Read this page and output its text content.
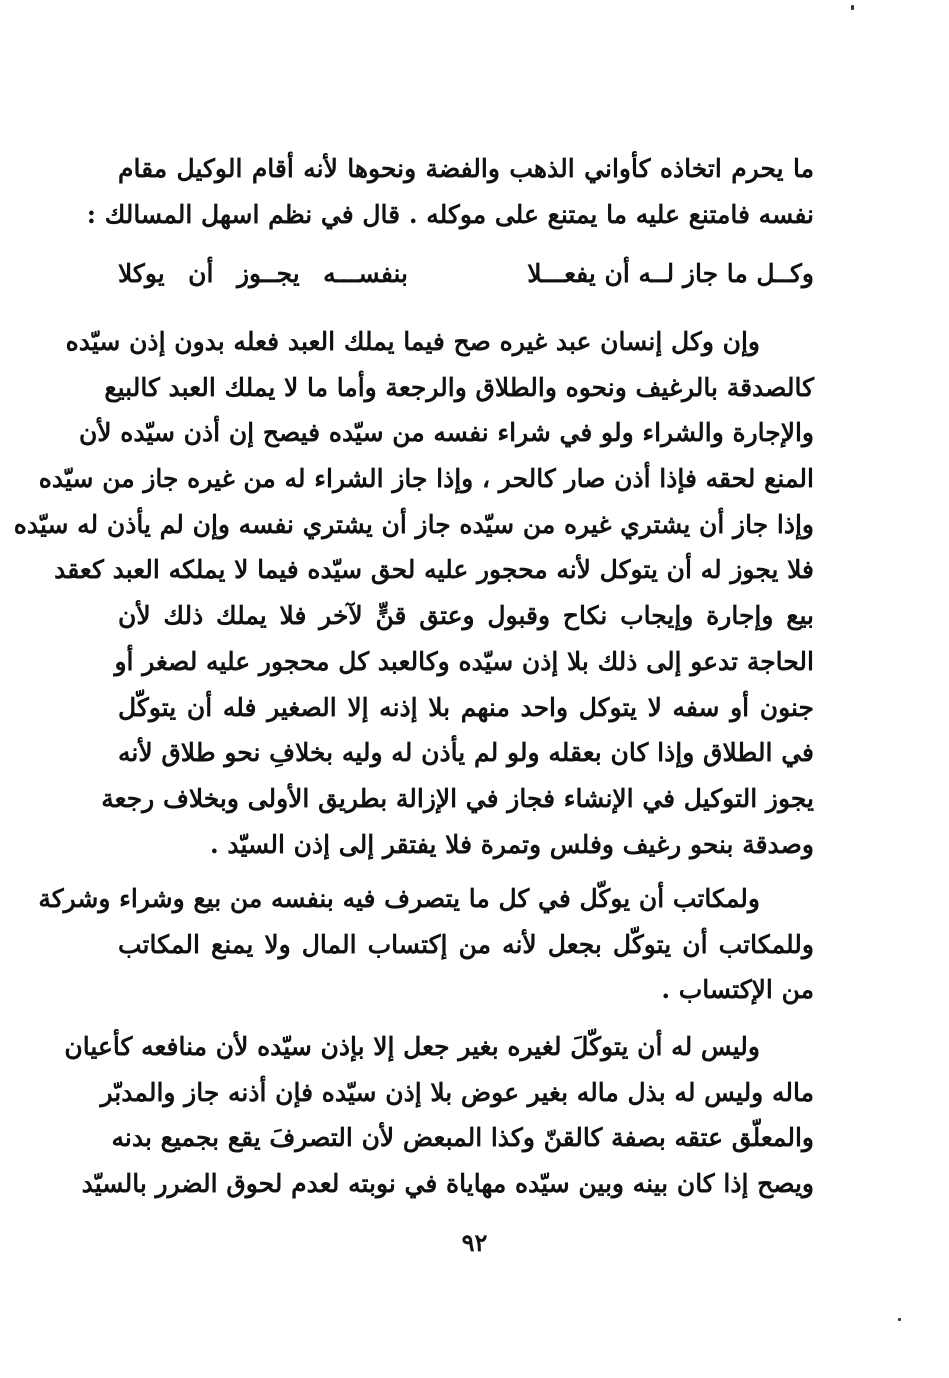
ما يحرم اتخاذه كأواني الذهب والفضة ونحوها لأنه أقام الوكيل مقام
نفسه فامتنع عليه ما يمتنع على موكله . قال في نظم اسهل المسالك :
وكــل ما جاز لــه أن يفعـــلا
بنفســـه يجــوز أن يوكلا
وإن وكل إنسان عبد غيره صح فيما يملك العبد فعله بدون إذن سيّده
كالصدقة بالرغيف ونحوه والطلاق والرجعة وأما ما لا يملك العبد كالبيع
والإجارة والشراء ولو في شراء نفسه من سيّده فيصح إن أذن سيّده لأن
المنع لحقه فإذا أذن صار كالحر ، وإذا جاز الشراء له من غيره جاز من سيّده
وإذا جاز أن يشتري غيره من سيّده جاز أن يشتري نفسه وإن لم يأذن له سيّده
فلا يجوز له أن يتوكل لأنه محجور عليه لحق سيّده فيما لا يملكه العبد كعقد
بيع وإجارة وإيجاب نكاح وقبول وعتق قنٍّ لآخر فلا يملك ذلك لأن
الحاجة تدعو إلى ذلك بلا إذن سيّده وكالعبد كل محجور عليه لصغر أو
جنون أو سفه لا يتوكل واحد منهم بلا إذنه إلا الصغير فله أن يتوكّل
في الطلاق وإذا كان بعقله ولو لم يأذن له وليه بخلافِ نحو طلاق لأنه
يجوز التوكيل في الإنشاء فجاز في الإزالة بطريق الأولى وبخلاف رجعة
وصدقة بنحو رغيف وفلس وتمرة فلا يفتقر إلى إذن السيّد .
ولمكاتب أن يوكّل في كل ما يتصرف فيه بنفسه من بيع وشراء وشركة
وللمكاتب أن يتوكّل بجعل لأنه من إكتساب المال ولا يمنع المكاتب
من الإكتساب .
وليس له أن يتوكّلَ لغيره بغير جعل إلا بإذن سيّده لأن منافعه كأعيان
ماله وليس له بذل ماله بغير عوض بلا إذن سيّده فإن أذنه جاز والمدبّر
والمعلّق عتقه بصفة كالقنّ وكذا المبعض لأن التصرفَ يقع بجميع بدنه
ويصح إذا كان بينه وبين سيّده مهاياة في نوبته لعدم لحوق الضرر بالسيّد
٩٢
